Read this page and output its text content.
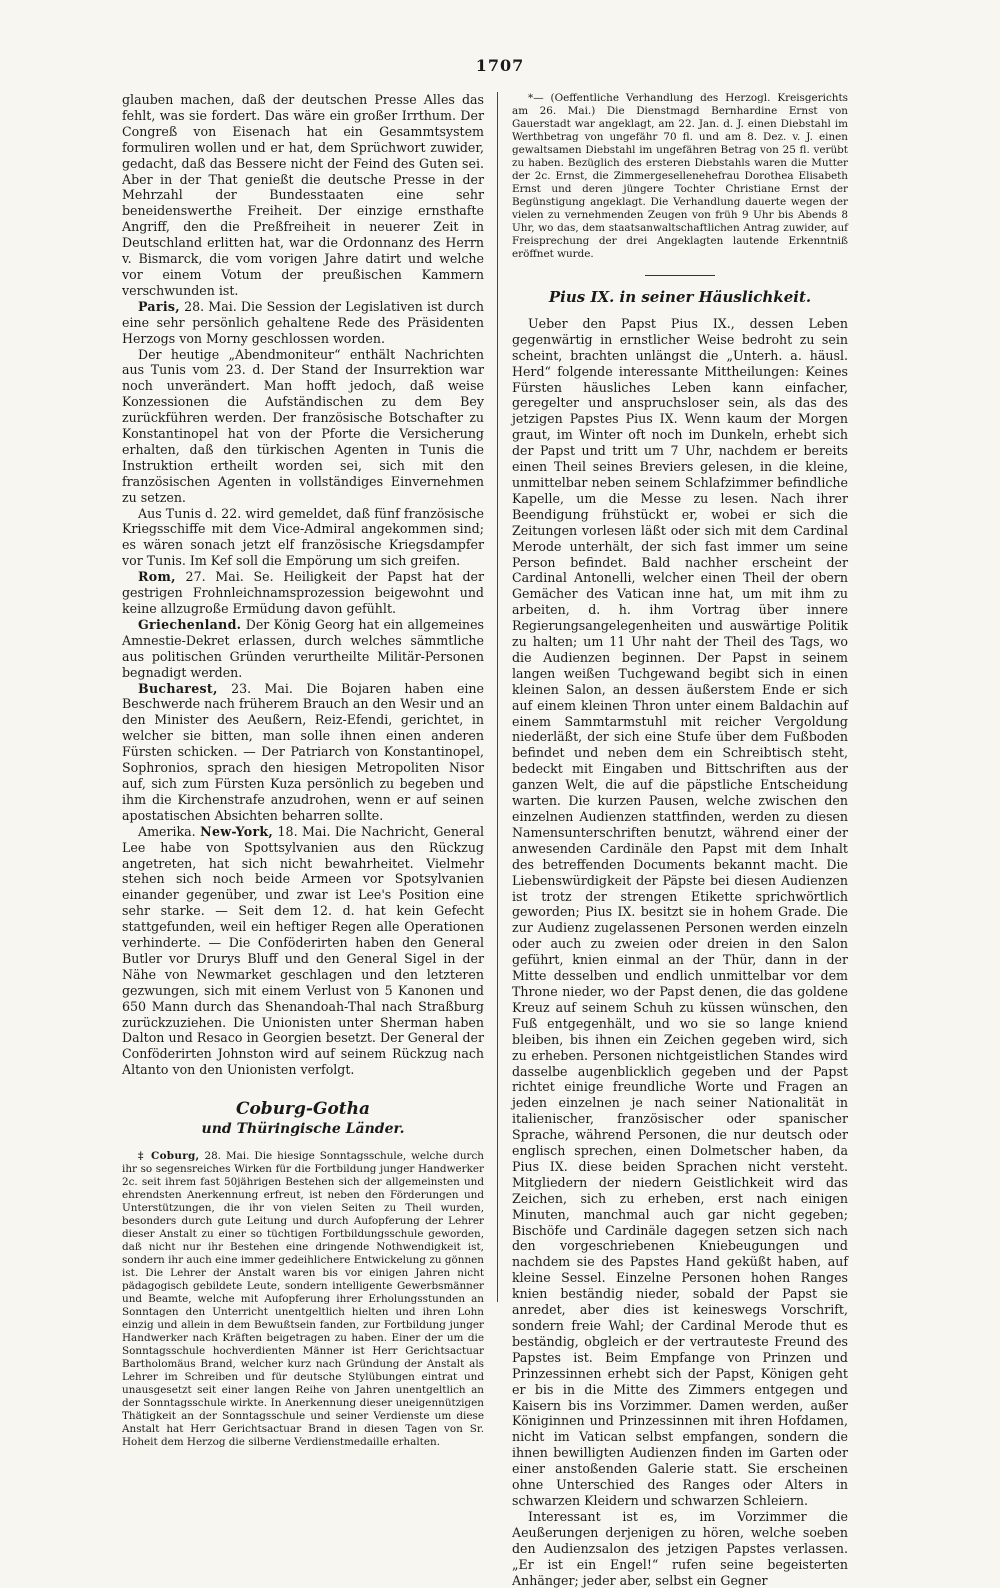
1707

glauben machen, daß der deutschen Presse Alles das fehlt, was sie fordert. Das wäre ein großer Irrthum. Der Congreß von Eisenach hat ein Gesammtsystem formuliren wollen und er hat, dem Sprüchwort zuwider, gedacht, daß das Bessere nicht der Feind des Guten sei. Aber in der That genießt die deutsche Presse in der Mehrzahl der Bundesstaaten eine sehr beneidenswerthe Freiheit. Der einzige ernsthafte Angriff, den die Preßfreiheit in neuerer Zeit in Deutschland erlitten hat, war die Ordonnanz des Herrn v. Bismarck, die vom vorigen Jahre datirt und welche vor einem Votum der preußischen Kammern verschwunden ist.

Paris, 28. Mai. Die Session der Legislativen ist durch eine sehr persönlich gehaltene Rede des Präsidenten Herzogs von Morny geschlossen worden.

Der heutige „Abendmoniteur“ enthält Nachrichten aus Tunis vom 23. d. Der Stand der Insurrektion war noch unverändert. Man hofft jedoch, daß weise Konzessionen die Aufständischen zu dem Bey zurückführen werden. Der französische Botschafter zu Konstantinopel hat von der Pforte die Versicherung erhalten, daß den türkischen Agenten in Tunis die Instruktion ertheilt worden sei, sich mit den französischen Agenten in vollständiges Einvernehmen zu setzen.

Aus Tunis d. 22. wird gemeldet, daß fünf französische Kriegsschiffe mit dem Vice-Admiral angekommen sind; es wären sonach jetzt elf französische Kriegsdampfer vor Tunis. Im Kef soll die Empörung um sich greifen.

Rom, 27. Mai. Se. Heiligkeit der Papst hat der gestrigen Frohnleichnamsprozession beigewohnt und keine allzugroße Ermüdung davon gefühlt.

Griechenland. Der König Georg hat ein allgemeines Amnestie-Dekret erlassen, durch welches sämmtliche aus politischen Gründen verurtheilte Militär-Personen begnadigt werden.

Bucharest, 23. Mai. Die Bojaren haben eine Beschwerde nach früherem Brauch an den Wesir und an den Minister des Aeußern, Reiz-Efendi, gerichtet, in welcher sie bitten, man solle ihnen einen anderen Fürsten schicken. — Der Patriarch von Konstantinopel, Sophronios, sprach den hiesigen Metropoliten Nisor auf, sich zum Fürsten Kuza persönlich zu begeben und ihm die Kirchenstrafe anzudrohen, wenn er auf seinen apostatischen Absichten beharren sollte.

Amerika. New-York, 18. Mai. Die Nachricht, General Lee habe von Spottsylvanien aus den Rückzug angetreten, hat sich nicht bewahrheitet. Vielmehr stehen sich noch beide Armeen vor Spotsylvanien einander gegenüber, und zwar ist Lee's Position eine sehr starke. — Seit dem 12. d. hat kein Gefecht stattgefunden, weil ein heftiger Regen alle Operationen verhinderte. — Die Conföderirten haben den General Butler vor Drurys Bluff und den General Sigel in der Nähe von Newmarket geschlagen und den letzteren gezwungen, sich mit einem Verlust von 5 Kanonen und 650 Mann durch das Shenandoah-Thal nach Straßburg zurückzuziehen. Die Unionisten unter Sherman haben Dalton und Resaco in Georgien besetzt. Der General der Conföderirten Johnston wird auf seinem Rückzug nach Altanto von den Unionisten verfolgt.

Coburg-Gotha
und Thüringische Länder.

‡ Coburg, 28. Mai. Die hiesige Sonntagsschule, welche durch ihr so segensreiches Wirken für die Fortbildung junger Handwerker 2c. seit ihrem fast 50jährigen Bestehen sich der allgemeinsten und ehrendsten Anerkennung erfreut, ist neben den Förderungen und Unterstützungen, die ihr von vielen Seiten zu Theil wurden, besonders durch gute Leitung und durch Aufopferung der Lehrer dieser Anstalt zu einer so tüchtigen Fortbildungsschule geworden, daß nicht nur ihr Bestehen eine dringende Nothwendigkeit ist, sondern ihr auch eine immer gedeihlichere Entwickelung zu gönnen ist. Die Lehrer der Anstalt waren bis vor einigen Jahren nicht pädagogisch gebildete Leute, sondern intelligente Gewerbsmänner und Beamte, welche mit Aufopferung ihrer Erholungsstunden an Sonntagen den Unterricht unentgeltlich hielten und ihren Lohn einzig und allein in dem Bewußtsein fanden, zur Fortbildung junger Handwerker nach Kräften beigetragen zu haben. Einer der um die Sonntagsschule hochverdienten Männer ist Herr Gerichtsactuar Bartholomäus Brand, welcher kurz nach Gründung der Anstalt als Lehrer im Schreiben und für deutsche Stylübungen eintrat und unausgesetzt seit einer langen Reihe von Jahren unentgeltlich an der Sonntagsschule wirkte. In Anerkennung dieser uneigennützigen Thätigkeit an der Sonntagsschule und seiner Verdienste um diese Anstalt hat Herr Gerichtsactuar Brand in diesen Tagen von Sr. Hoheit dem Herzog die silberne Verdienstmedaille erhalten.

*— (Oeffentliche Verhandlung des Herzogl. Kreisgerichts am 26. Mai.) Die Dienstmagd Bernhardine Ernst von Gauerstadt war angeklagt, am 22. Jan. d. J. einen Diebstahl im Werthbetrag von ungefähr 70 fl. und am 8. Dez. v. J. einen gewaltsamen Diebstahl im ungefähren Betrag von 25 fl. verübt zu haben. Bezüglich des ersteren Diebstahls waren die Mutter der 2c. Ernst, die Zimmergesellenehefrau Dorothea Elisabeth Ernst und deren jüngere Tochter Christiane Ernst der Begünstigung angeklagt. Die Verhandlung dauerte wegen der vielen zu vernehmenden Zeugen von früh 9 Uhr bis Abends 8 Uhr, wo das, dem staatsanwaltschaftlichen Antrag zuwider, auf Freisprechung der drei Angeklagten lautende Erkenntniß eröffnet wurde.

Pius IX. in seiner Häuslichkeit.

Ueber den Papst Pius IX., dessen Leben gegenwärtig in ernstlicher Weise bedroht zu sein scheint, brachten unlängst die „Unterh. a. häusl. Herd“ folgende interessante Mittheilungen: Keines Fürsten häusliches Leben kann einfacher, geregelter und anspruchsloser sein, als das des jetzigen Papstes Pius IX. Wenn kaum der Morgen graut, im Winter oft noch im Dunkeln, erhebt sich der Papst und tritt um 7 Uhr, nachdem er bereits einen Theil seines Breviers gelesen, in die kleine, unmittelbar neben seinem Schlafzimmer befindliche Kapelle, um die Messe zu lesen. Nach ihrer Beendigung frühstückt er, wobei er sich die Zeitungen vorlesen läßt oder sich mit dem Cardinal Merode unterhält, der sich fast immer um seine Person befindet. Bald nachher erscheint der Cardinal Antonelli, welcher einen Theil der obern Gemächer des Vatican inne hat, um mit ihm zu arbeiten, d. h. ihm Vortrag über innere Regierungsangelegenheiten und auswärtige Politik zu halten; um 11 Uhr naht der Theil des Tags, wo die Audienzen beginnen. Der Papst in seinem langen weißen Tuchgewand begibt sich in einen kleinen Salon, an dessen äußerstem Ende er sich auf einem kleinen Thron unter einem Baldachin auf einem Sammtarmstuhl mit reicher Vergoldung niederläßt, der sich eine Stufe über dem Fußboden befindet und neben dem ein Schreibtisch steht, bedeckt mit Eingaben und Bittschriften aus der ganzen Welt, die auf die päpstliche Entscheidung warten. Die kurzen Pausen, welche zwischen den einzelnen Audienzen stattfinden, werden zu diesen Namensunterschriften benutzt, während einer der anwesenden Cardinäle den Papst mit dem Inhalt des betreffenden Documents bekannt macht. Die Liebenswürdigkeit der Päpste bei diesen Audienzen ist trotz der strengen Etikette sprichwörtlich geworden; Pius IX. besitzt sie in hohem Grade. Die zur Audienz zugelassenen Personen werden einzeln oder auch zu zweien oder dreien in den Salon geführt, knien einmal an der Thür, dann in der Mitte desselben und endlich unmittelbar vor dem Throne nieder, wo der Papst denen, die das goldene Kreuz auf seinem Schuh zu küssen wünschen, den Fuß entgegenhält, und wo sie so lange kniend bleiben, bis ihnen ein Zeichen gegeben wird, sich zu erheben. Personen nichtgeistlichen Standes wird dasselbe augenblicklich gegeben und der Papst richtet einige freundliche Worte und Fragen an jeden einzelnen je nach seiner Nationalität in italienischer, französischer oder spanischer Sprache, während Personen, die nur deutsch oder englisch sprechen, einen Dolmetscher haben, da Pius IX. diese beiden Sprachen nicht versteht. Mitgliedern der niedern Geistlichkeit wird das Zeichen, sich zu erheben, erst nach einigen Minuten, manchmal auch gar nicht gegeben; Bischöfe und Cardinäle dagegen setzen sich nach den vorgeschriebenen Kniebeugungen und nachdem sie des Papstes Hand geküßt haben, auf kleine Sessel. Einzelne Personen hohen Ranges knien beständig nieder, sobald der Papst sie anredet, aber dies ist keineswegs Vorschrift, sondern freie Wahl; der Cardinal Merode thut es beständig, obgleich er der vertrauteste Freund des Papstes ist. Beim Empfange von Prinzen und Prinzessinnen erhebt sich der Papst, Königen geht er bis in die Mitte des Zimmers entgegen und Kaisern bis ins Vorzimmer. Damen werden, außer Königinnen und Prinzessinnen mit ihren Hofdamen, nicht im Vatican selbst empfangen, sondern die ihnen bewilligten Audienzen finden im Garten oder einer anstoßenden Galerie statt. Sie erscheinen ohne Unterschied des Ranges oder Alters in schwarzen Kleidern und schwarzen Schleiern.

Interessant ist es, im Vorzimmer die Aeußerungen derjenigen zu hören, welche soeben den Audienzsalon des jetzigen Papstes verlassen. „Er ist ein Engel!“ rufen seine begeisterten Anhänger; jeder aber, selbst ein Gegner
